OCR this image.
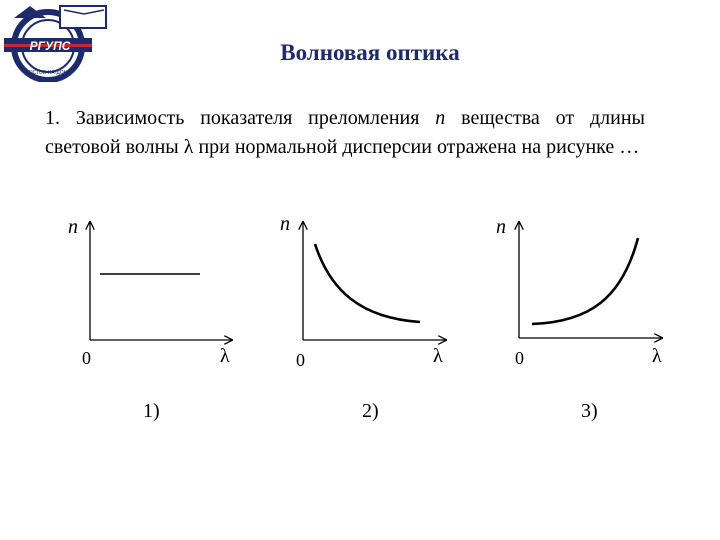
РГУПС
РОСТОВ-НА-ДОНУ
Волновая оптика
1. Зависимость показателя преломления n вещества от длины световой волны λ при нормальной дисперсии отражена на рисунке …
n
0	λ
n
0	λ
n
0	λ
1)	2)	3)
